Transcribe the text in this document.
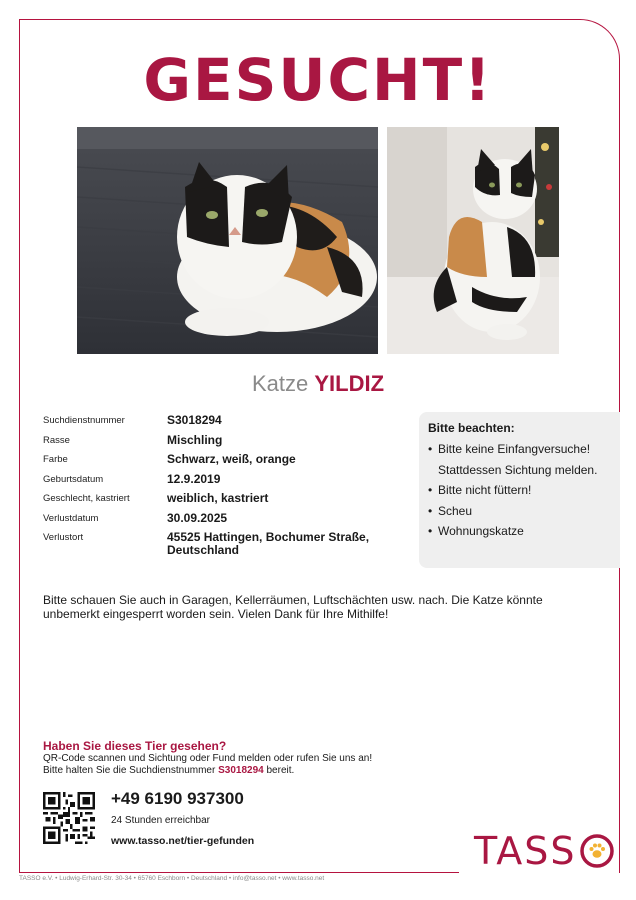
GESUCHT!
Katze YILDIZ
Suchdienstnummer	S3018294
Rasse	Mischling
Farbe	Schwarz, weiß, orange
Geburtsdatum	12.9.2019
Geschlecht, kastriert	weiblich, kastriert
Verlustdatum	30.09.2025
Verlustort	45525 Hattingen, Bochumer Straße, Deutschland
Bitte beachten:
• Bitte keine Einfangversuche! Stattdessen Sichtung melden.
• Bitte nicht füttern!
• Scheu
• Wohnungskatze
Bitte schauen Sie auch in Garagen, Kellerräumen, Luftschächten usw. nach. Die Katze könnte unbemerkt eingesperrt worden sein. Vielen Dank für Ihre Mithilfe!
Haben Sie dieses Tier gesehen?
QR-Code scannen und Sichtung oder Fund melden oder rufen Sie uns an!
Bitte halten Sie die Suchdienstnummer S3018294 bereit.
+49 6190 937300
24 Stunden erreichbar
www.tasso.net/tier-gefunden	TASS
TASSO e.V. • Ludwig-Erhard-Str. 30-34 • 65760 Eschborn • Deutschland • info@tasso.net • www.tasso.net
